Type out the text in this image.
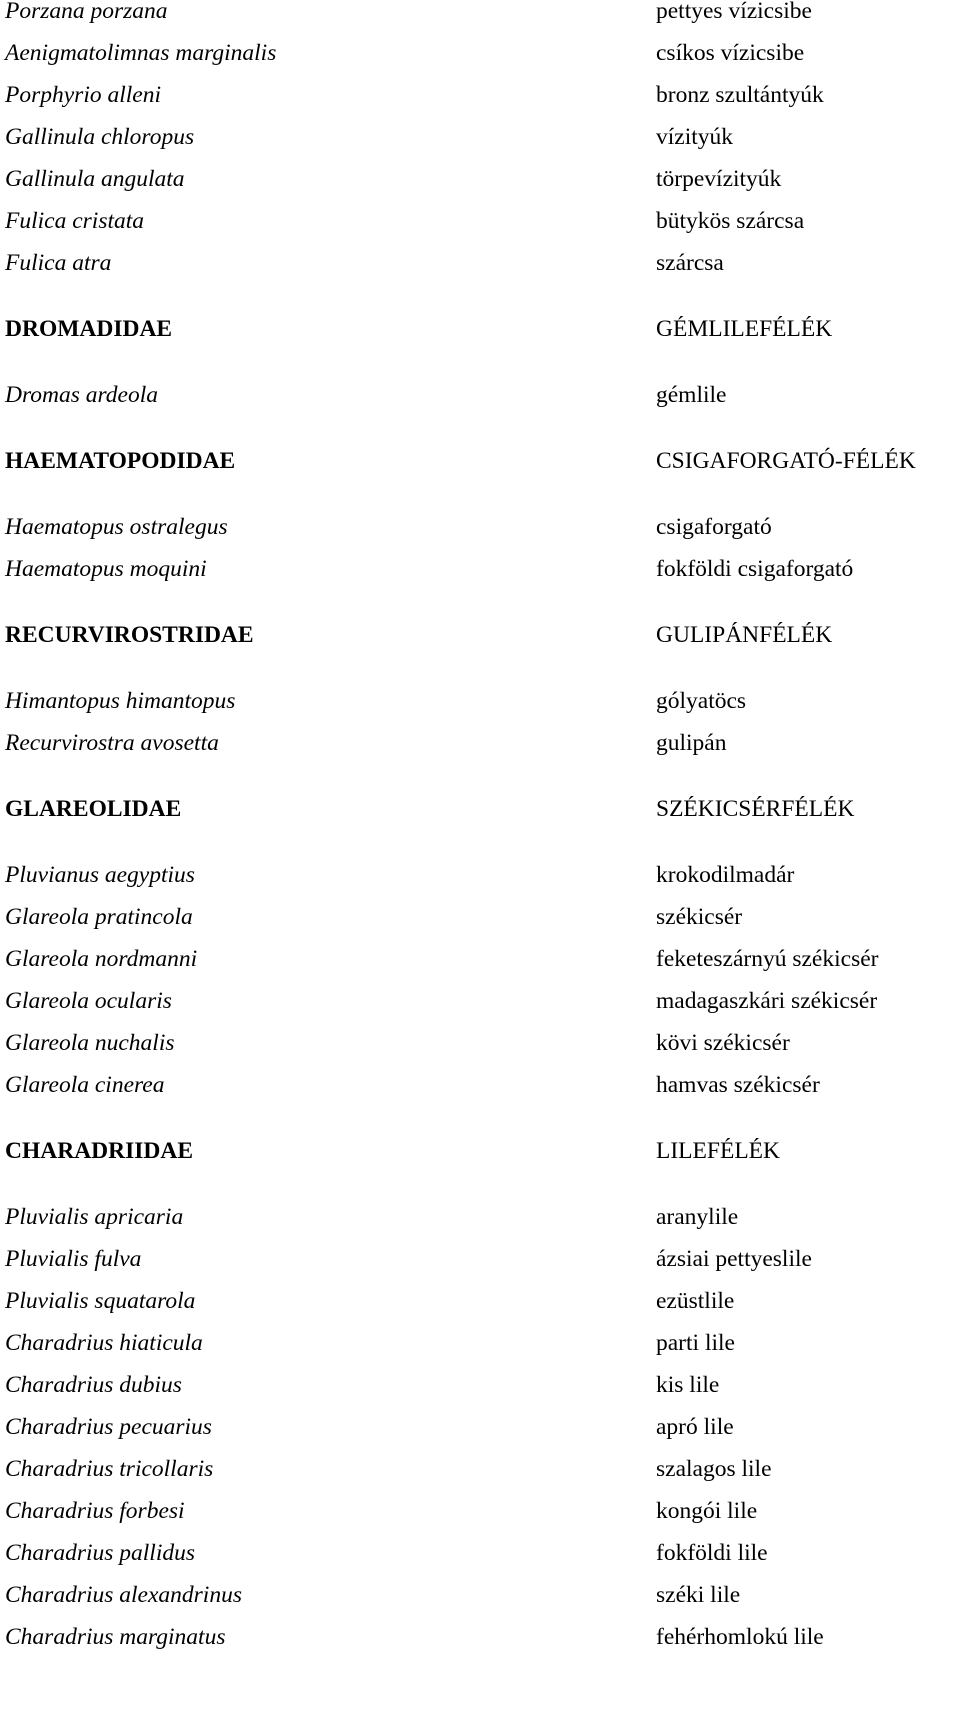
Porzana porzana
Aenigmatolimnas marginalis
Porphyrio alleni
Gallinula chloropus
Gallinula angulata
Fulica cristata
Fulica atra
DROMADIDAE
Dromas ardeola
HAEMATOPODIDAE
Haematopus ostralegus
Haematopus moquini
RECURVIROSTRIDAE
Himantopus himantopus
Recurvirostra avosetta
GLAREOLIDAE
Pluvianus aegyptius
Glareola pratincola
Glareola nordmanni
Glareola ocularis
Glareola nuchalis
Glareola cinerea
CHARADRIIDAE
Pluvialis apricaria
Pluvialis fulva
Pluvialis squatarola
Charadrius hiaticula
Charadrius dubius
Charadrius pecuarius
Charadrius tricollaris
Charadrius forbesi
Charadrius pallidus
Charadrius alexandrinus
Charadrius marginatus
pettyes vízicsibe
csíkos vízicsibe
bronz szultántyúk
vízityúk
törpevízityúk
bütykös szárcsa
szárcsa
GÉMLILEFÉLÉK
gémlile
CSIGAFORGATÓ-FÉLÉK
csigaforgató
fokföldi csigaforgató
GULIPÁNFÉLÉK
gólyatöcs
gulipán
SZÉKICSÉRFÉLÉK
krokodilmadár
székicsér
feketeszárnyú székicsér
madagaszkári székicsér
kövi székicsér
hamvas székicsér
LILEFÉLÉK
aranylile
ázsiai pettyeslile
ezüstlile
parti lile
kis lile
apró lile
szalagos lile
kongói lile
fokföldi lile
széki lile
fehérhomlokú lile
